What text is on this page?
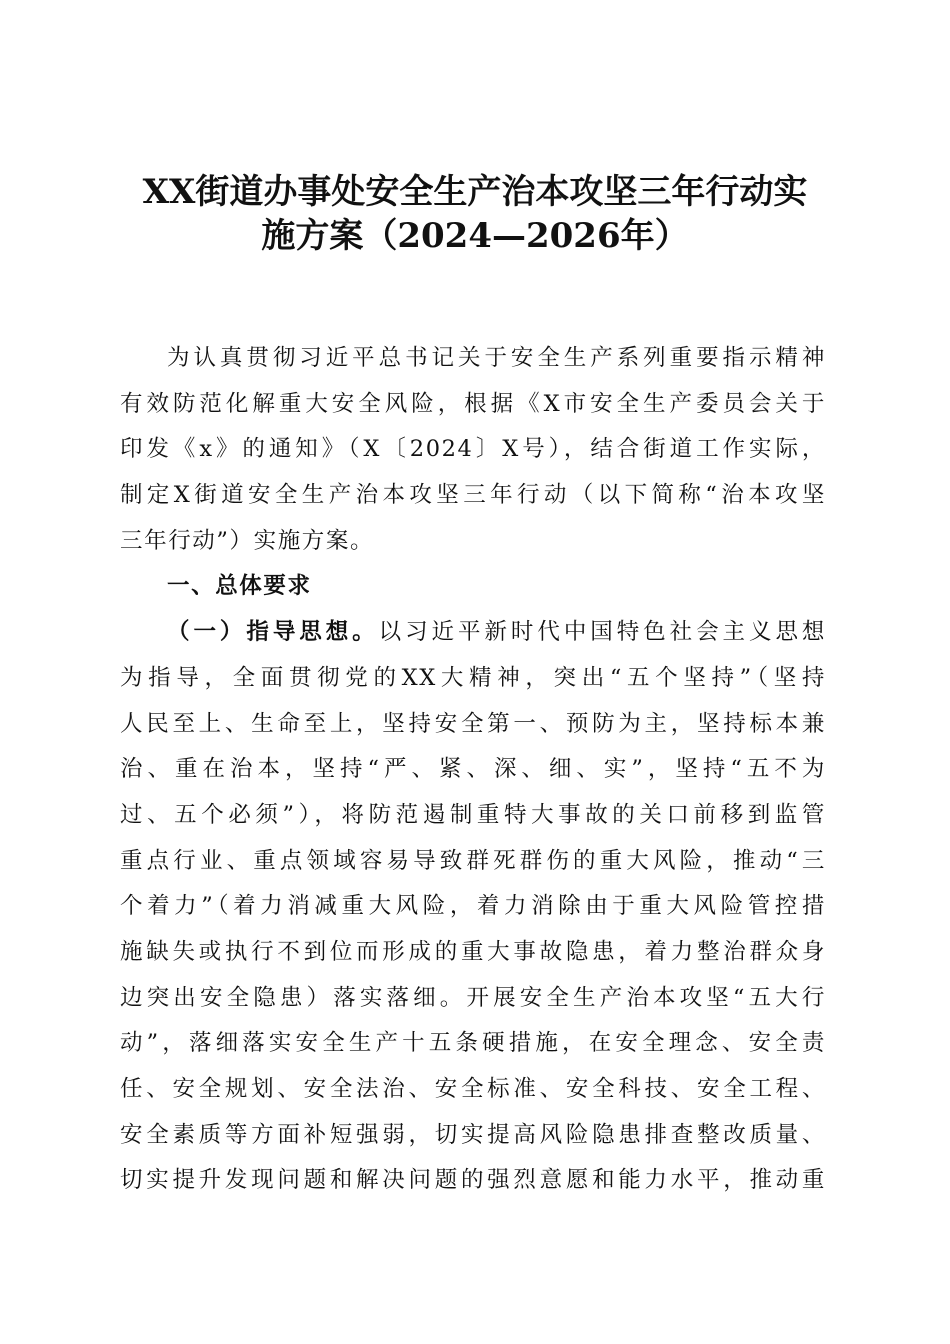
XX街道办事处安全生产治本攻坚三年行动实
施方案（2024—2026年）
为认真贯彻习近平总书记关于安全生产系列重要指示精神
有效防范化解重大安全风险，根据《X市安全生产委员会关于
印发《x》的通知》（X〔2024〕X号），结合街道工作实际，
制定X街道安全生产治本攻坚三年行动（以下简称“治本攻坚
三年行动”）实施方案。
一、总体要求
（一）指导思想。以习近平新时代中国特色社会主义思想
为指导，全面贯彻党的XX大精神，突出“五个坚持”（坚持
人民至上、生命至上，坚持安全第一、预防为主，坚持标本兼
治、重在治本，坚持“严、紧、深、细、实”，坚持“五不为
过、五个必须”），将防范遏制重特大事故的关口前移到监管
重点行业、重点领域容易导致群死群伤的重大风险，推动“三
个着力”（着力消减重大风险，着力消除由于重大风险管控措
施缺失或执行不到位而形成的重大事故隐患，着力整治群众身
边突出安全隐患）落实落细。开展安全生产治本攻坚“五大行
动”，落细落实安全生产十五条硬措施，在安全理念、安全责
任、安全规划、安全法治、安全标准、安全科技、安全工程、
安全素质等方面补短强弱，切实提高风险隐患排查整改质量、
切实提升发现问题和解决问题的强烈意愿和能力水平，推动重
